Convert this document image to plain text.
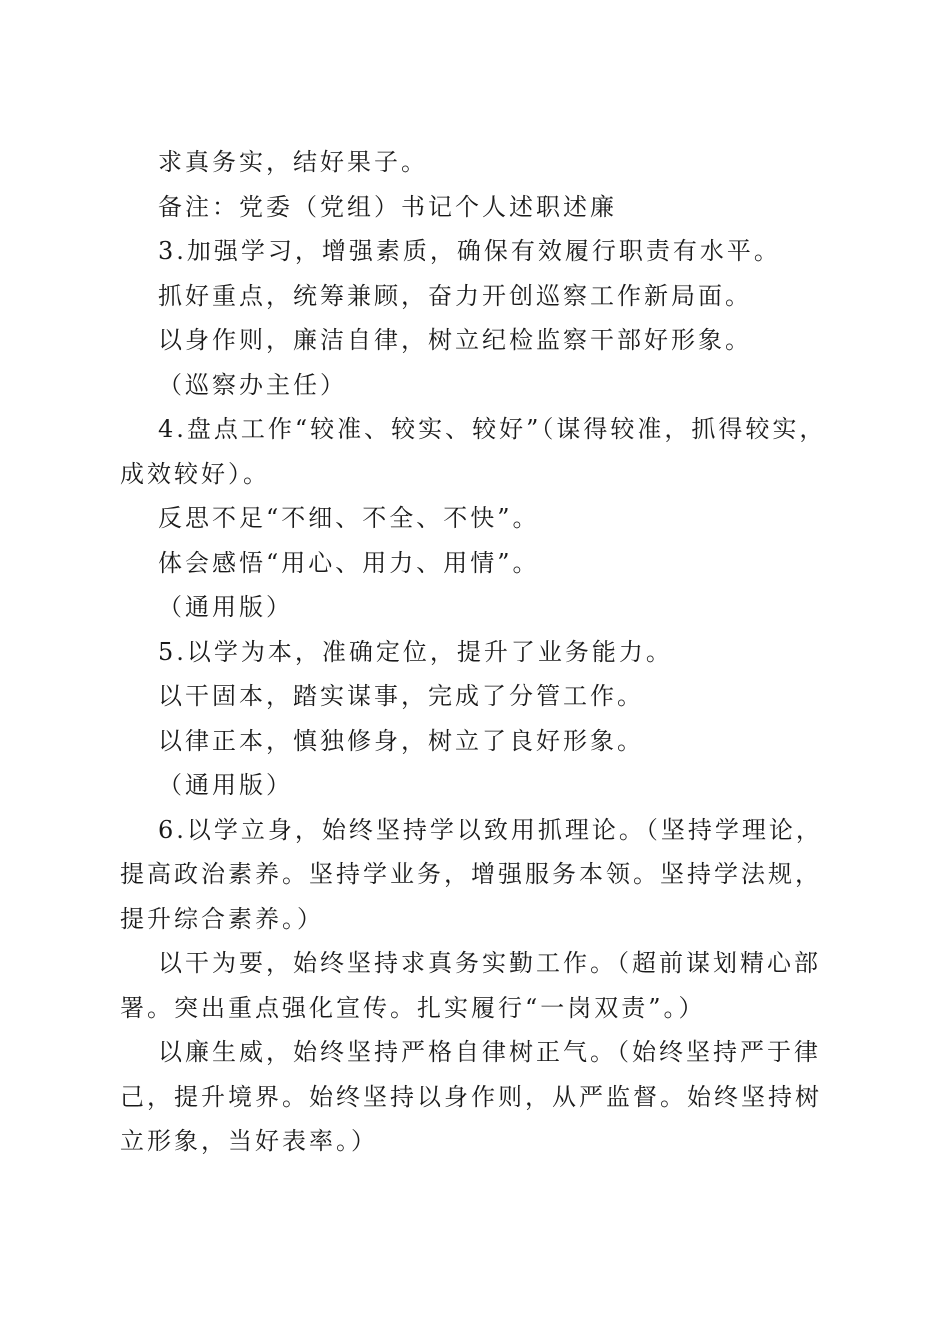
求真务实，结好果子。

备注：党委（党组）书记个人述职述廉

3.加强学习，增强素质，确保有效履行职责有水平。

抓好重点，统筹兼顾，奋力开创巡察工作新局面。

以身作则，廉洁自律，树立纪检监察干部好形象。

（巡察办主任）

4.盘点工作“较准、较实、较好”（谋得较准，抓得较实，成效较好）。

反思不足“不细、不全、不快”。

体会感悟“用心、用力、用情”。

（通用版）

5.以学为本，准确定位，提升了业务能力。

以干固本，踏实谋事，完成了分管工作。

以律正本，慎独修身，树立了良好形象。

（通用版）

6.以学立身，始终坚持学以致用抓理论。（坚持学理论，提高政治素养。坚持学业务，增强服务本领。坚持学法规，提升综合素养。）

以干为要，始终坚持求真务实勤工作。（超前谋划精心部署。突出重点强化宣传。扎实履行“一岗双责”。）

以廉生威，始终坚持严格自律树正气。（始终坚持严于律己，提升境界。始终坚持以身作则，从严监督。始终坚持树立形象，当好表率。）
